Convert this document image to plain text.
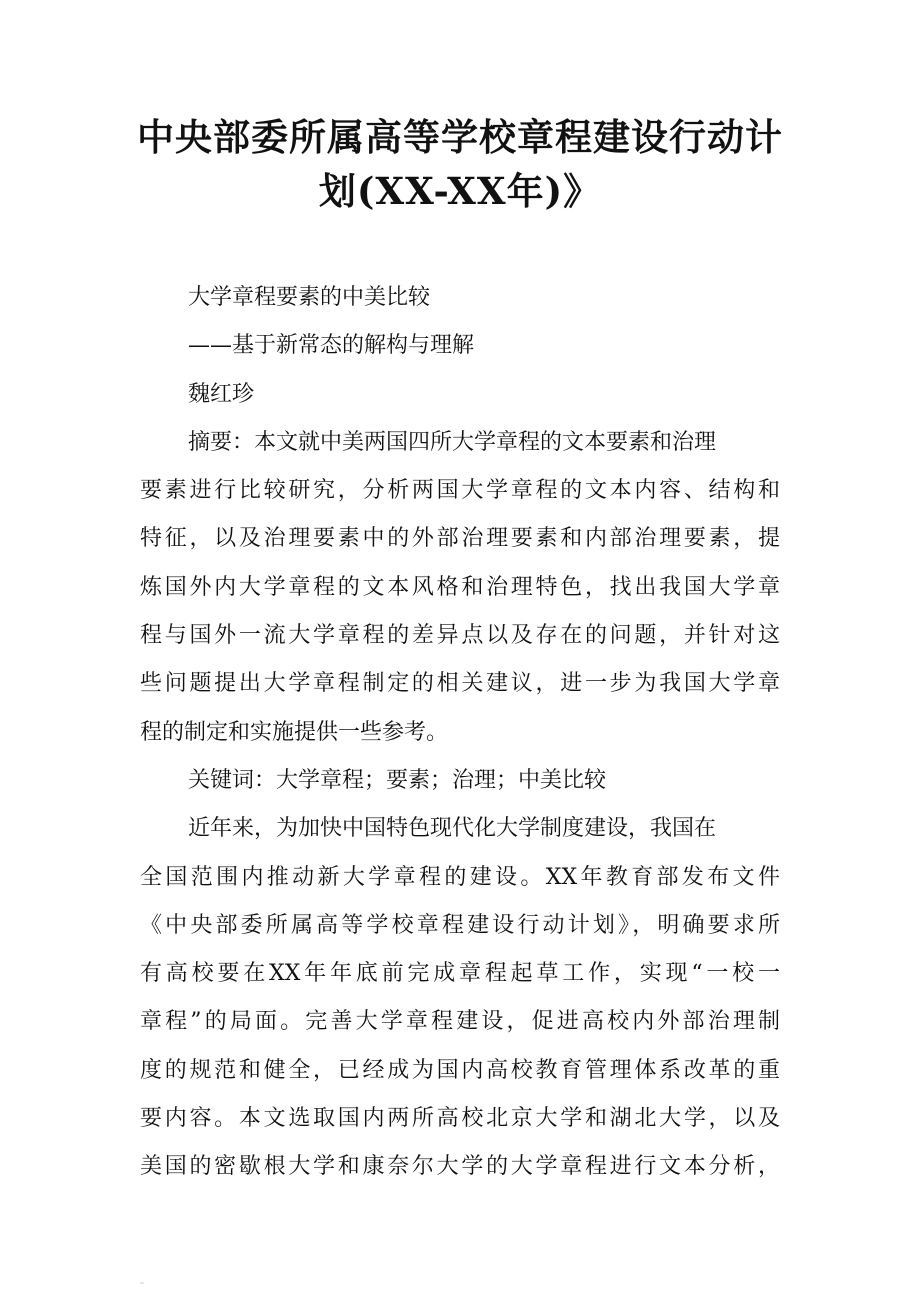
中央部委所属高等学校章程建设行动计
划(XX-XX年)》
大学章程要素的中美比较
——基于新常态的解构与理解
魏红珍
摘要：本文就中美两国四所大学章程的文本要素和治理
要素进行比较研究，分析两国大学章程的文本内容、结构和
特征，以及治理要素中的外部治理要素和内部治理要素，提
炼国外内大学章程的文本风格和治理特色，找出我国大学章
程与国外一流大学章程的差异点以及存在的问题，并针对这
些问题提出大学章程制定的相关建议，进一步为我国大学章
程的制定和实施提供一些参考。
关键词：大学章程；要素；治理；中美比较
近年来，为加快中国特色现代化大学制度建设，我国在
全国范围内推动新大学章程的建设。XX年教育部发布文件
《中央部委所属高等学校章程建设行动计划》，明确要求所
有高校要在XX年年底前完成章程起草工作，实现“一校一
章程”的局面。完善大学章程建设，促进高校内外部治理制
度的规范和健全，已经成为国内高校教育管理体系改革的重
要内容。本文选取国内两所高校北京大学和湖北大学，以及
美国的密歇根大学和康奈尔大学的大学章程进行文本分析，
